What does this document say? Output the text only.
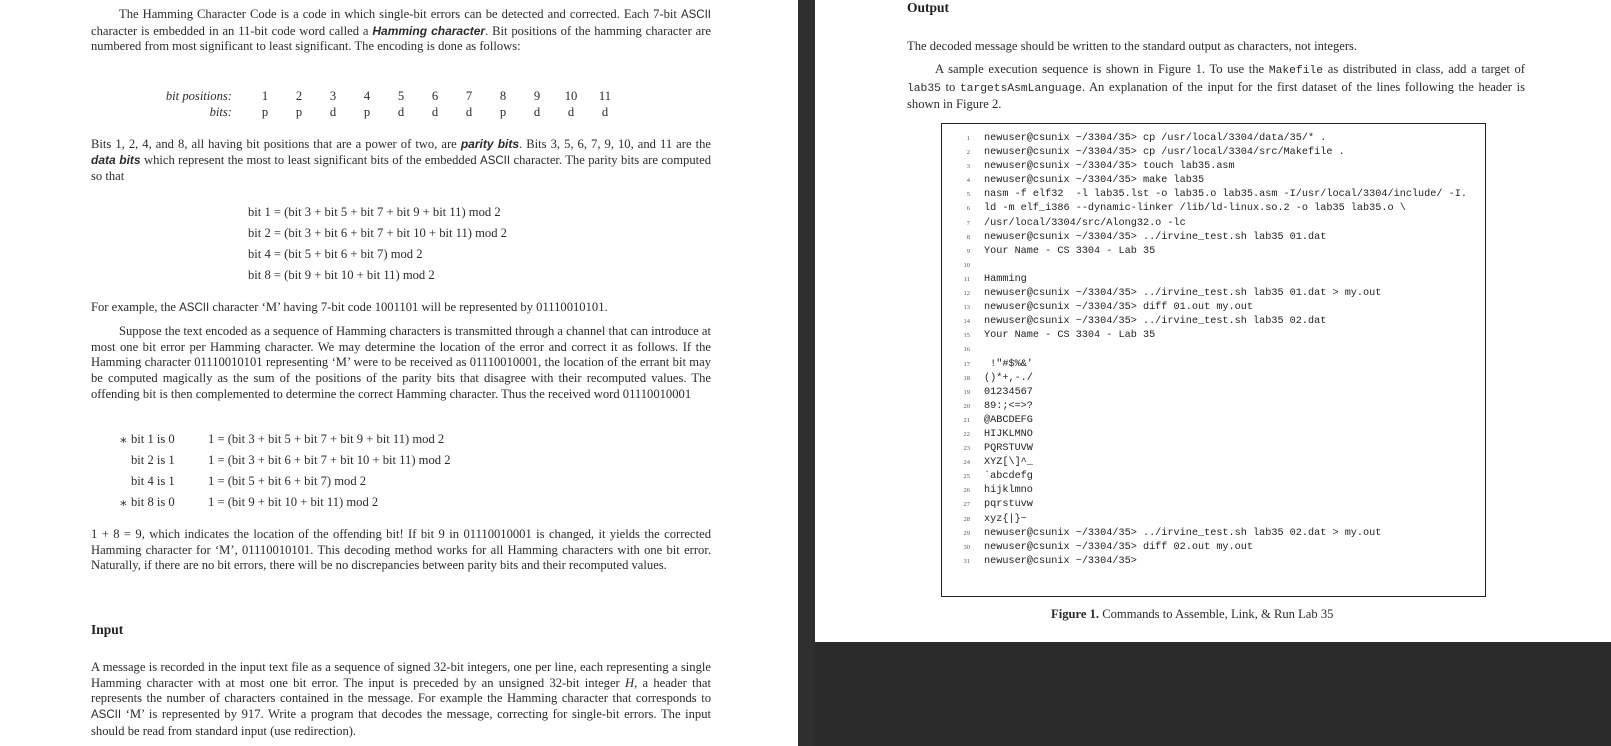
The Hamming Character Code is a code in which single-bit errors can be detected and corrected. Each 7-bit ASCII character is embedded in an 11-bit code word called a Hamming character. Bit positions of the hamming character are numbered from most significant to least significant. The encoding is done as follows:

bit positions:	1	2	3	4	5	6	7	8	9	10	11
bits:	p	p	d	p	d	d	d	p	d	d	d

Bits 1, 2, 4, and 8, all having bit positions that are a power of two, are parity bits. Bits 3, 5, 6, 7, 9, 10, and 11 are the data bits which represent the most to least significant bits of the embedded ASCII character. The parity bits are computed so that

bit 1 = (bit 3 + bit 5 + bit 7 + bit 9 + bit 11) mod 2
bit 2 = (bit 3 + bit 6 + bit 7 + bit 10 + bit 11) mod 2
bit 4 = (bit 5 + bit 6 + bit 7) mod 2
bit 8 = (bit 9 + bit 10 + bit 11) mod 2

For example, the ASCII character ‘M’ having 7-bit code 1001101 will be represented by 01110010101.

Suppose the text encoded as a sequence of Hamming characters is transmitted through a channel that can introduce at most one bit error per Hamming character. We may determine the location of the error and correct it as follows. If the Hamming character 01110010101 representing ‘M’ were to be received as 01110010001, the location of the errant bit may be computed magically as the sum of the positions of the parity bits that disagree with their recomputed values. The offending bit is then complemented to determine the correct Hamming character. Thus the received word 01110010001

∗ bit 1 is 0	1 = (bit 3 + bit 5 + bit 7 + bit 9 + bit 11) mod 2
bit 2 is 1	1 = (bit 3 + bit 6 + bit 7 + bit 10 + bit 11) mod 2
bit 4 is 1	1 = (bit 5 + bit 6 + bit 7) mod 2
∗ bit 8 is 0	1 = (bit 9 + bit 10 + bit 11) mod 2

1 + 8 = 9, which indicates the location of the offending bit! If bit 9 in 01110010001 is changed, it yields the corrected Hamming character for ‘M’, 01110010101. This decoding method works for all Hamming characters with one bit error. Naturally, if there are no bit errors, there will be no discrepancies between parity bits and their recomputed values.

Input

A message is recorded in the input text file as a sequence of signed 32-bit integers, one per line, each representing a single Hamming character with at most one bit error. The input is preceded by an unsigned 32-bit integer H, a header that represents the number of characters contained in the message. For example the Hamming character that corresponds to ASCII ‘M’ is represented by 917. Write a program that decodes the message, correcting for single-bit errors. The input should be read from standard input (use redirection).

Output

The decoded message should be written to the standard output as characters, not integers.

A sample execution sequence is shown in Figure 1. To use the Makefile as distributed in class, add a target of lab35 to targetsAsmLanguage. An explanation of the input for the first dataset of the lines following the header is shown in Figure 2.

1 newuser@csunix ~/3304/35> cp /usr/local/3304/data/35/* .
2 newuser@csunix ~/3304/35> cp /usr/local/3304/src/Makefile .
3 newuser@csunix ~/3304/35> touch lab35.asm
4 newuser@csunix ~/3304/35> make lab35
5 nasm -f elf32  -l lab35.lst -o lab35.o lab35.asm -I/usr/local/3304/include/ -I.
6 ld -m elf_i386 --dynamic-linker /lib/ld-linux.so.2 -o lab35 lab35.o \
7 /usr/local/3304/src/Along32.o -lc
8 newuser@csunix ~/3304/35> ../irvine_test.sh lab35 01.dat
9 Your Name - CS 3304 - Lab 35
10
11 Hamming
12 newuser@csunix ~/3304/35> ../irvine_test.sh lab35 01.dat > my.out
13 newuser@csunix ~/3304/35> diff 01.out my.out
14 newuser@csunix ~/3304/35> ../irvine_test.sh lab35 02.dat
15 Your Name - CS 3304 - Lab 35
16
17 !"#$%&'
18 ()*+,-./
19 01234567
20 89:;<=>?
21 @ABCDEFG
22 HIJKLMNO
23 PQRSTUVW
24 XYZ[\]^_
25 `abcdefg
26 hijklmno
27 pqrstuvw
28 xyz{|}~
29 newuser@csunix ~/3304/35> ../irvine_test.sh lab35 02.dat > my.out
30 newuser@csunix ~/3304/35> diff 02.out my.out
31 newuser@csunix ~/3304/35>

Figure 1. Commands to Assemble, Link, & Run Lab 35
